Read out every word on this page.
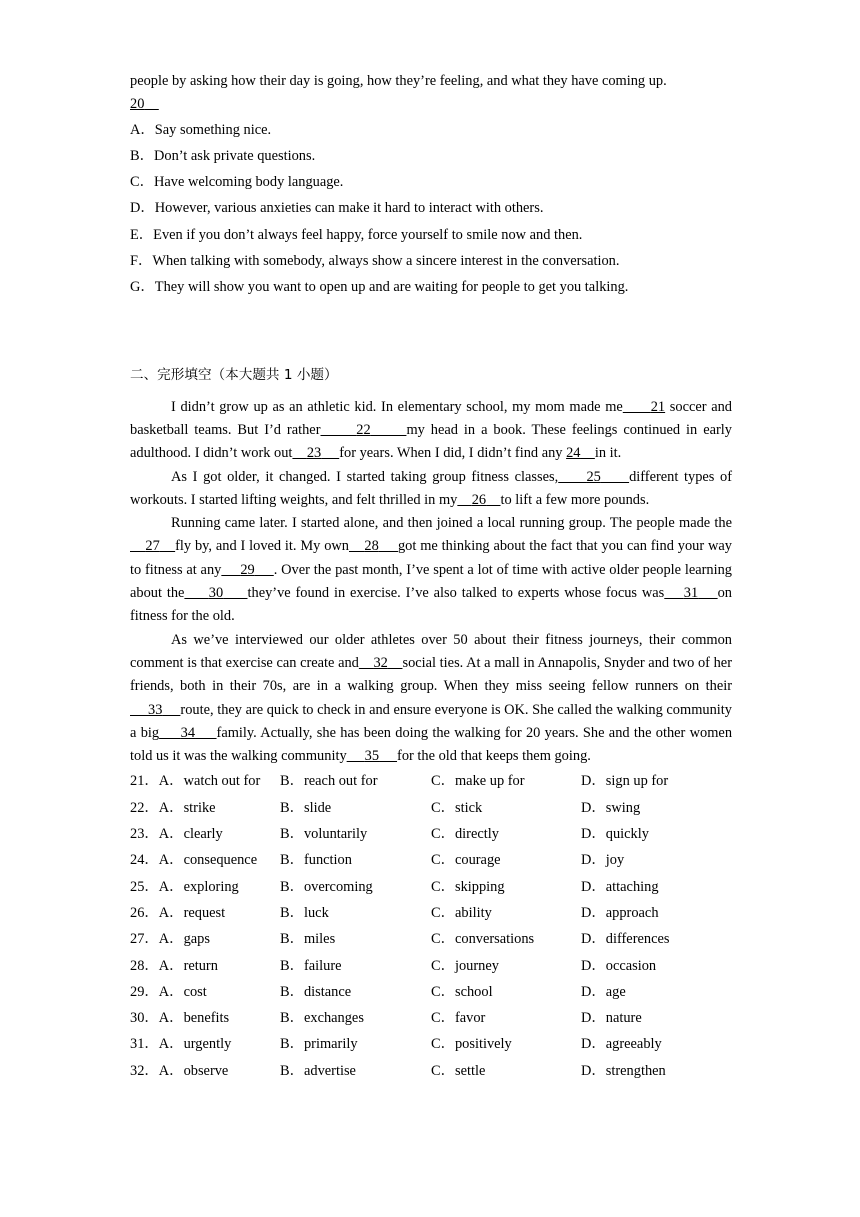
people by asking how their day is going, how they’re feeling, and what they have coming up.
20

A．Say something nice.

B．Don’t ask private questions.

C．Have welcoming body language.

D．However, various anxieties can make it hard to interact with others.

E．Even if you don’t always feel happy, force yourself to smile now and then.

F．When talking with somebody, always show a sincere interest in the conversation.

G．They will show you want to open up and are waiting for people to get you talking.

二、完形填空（本大题共 1 小题）

I didn’t grow up as an athletic kid. In elementary school, my mom made me 21 soccer and basketball teams. But I’d rather 22 my head in a book. These feelings continued in early adulthood. I didn’t work out 23 for years. When I did, I didn’t find any 24 in it.

As I got older, it changed. I started taking group fitness classes, 25 different types of workouts. I started lifting weights, and felt thrilled in my 26 to lift a few more pounds.

Running came later. I started alone, and then joined a local running group. The people made the    27 fly by, and I loved it. My own 28 got me thinking about the fact that you can find your way to fitness at any 29 . Over the past month, I’ve spent a lot of time with active older people learning about the 30 they’ve found in exercise. I’ve also talked to experts whose focus was 31 on fitness for the old.

As we’ve interviewed our older athletes over 50 about their fitness journeys, their common comment is that exercise can create and 32 social ties. At a mall in Annapolis, Snyder and two of her friends, both in their 70s, are in a walking group. When they miss seeing fellow runners on their     33 route, they are quick to check in and ensure everyone is OK. She called the walking community a big 34 family. Actually, she has been doing the walking for 20 years. She and the other women told us it was the walking community 35 for the old that keeps them going.

21．A．watch out for B．reach out for	C．make up for	D．sign up for
22．A．strike	B．slide	C．stick	D．swing
23．A．clearly	B．voluntarily	C．directly	D．quickly
24．A．consequence B．function	C．courage	D．joy
25．A．exploring	B．overcoming	C．skipping	D．attaching
26．A．request	B．luck	C．ability	D．approach
27．A．gaps	B．miles	C．conversations	D．differences
28．A．return	B．failure	C．journey	D．occasion
29．A．cost	B．distance	C．school	D．age
30．A．benefits	B．exchanges	C．favor	D．nature
31．A．urgently	B．primarily	C．positively	D．agreeably
32．A．observe	B．advertise	C．settle	D．strengthen
